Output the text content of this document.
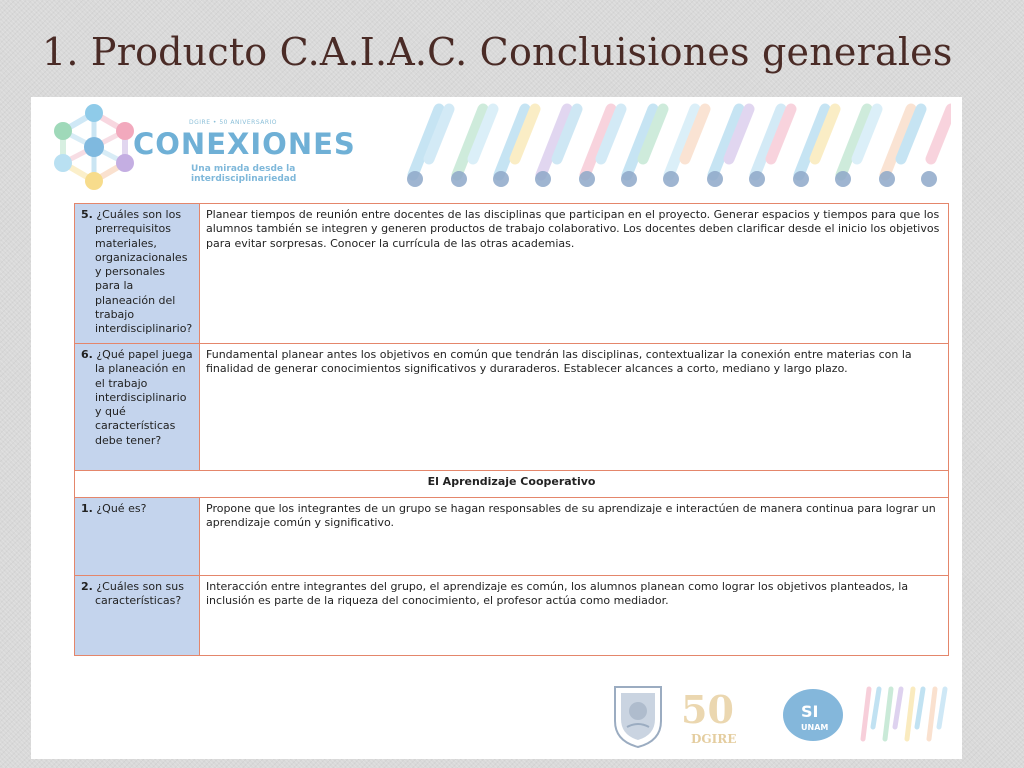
1. Producto C.A.I.A.C. Concluisiones generales
DGIRE • 50 ANIVERSARIO
CONEXIONES
Una mirada desde la interdisciplinariedad
5. ¿Cuáles son los prerrequisitos materiales, organizacionales y personales para la planeación del trabajo interdisciplinario?	Planear tiempos de reunión entre docentes de las disciplinas que participan en el proyecto. Generar espacios y tiempos para que los alumnos también se integren y generen productos de trabajo colaborativo. Los docentes deben clarificar desde el inicio los objetivos para evitar sorpresas. Conocer la currícula de las otras academias.

6. ¿Qué papel juega la planeación en el trabajo interdisciplinario y qué características debe tener?	Fundamental planear antes los objetivos en común que tendrán las disciplinas, contextualizar la conexión entre materias con la finalidad de generar conocimientos significativos y duraraderos. Establecer alcances a corto, mediano y largo plazo.
El Aprendizaje Cooperativo	

1. ¿Qué es?	Propone que los integrantes de un grupo se hagan responsables de su aprendizaje e interactúen de manera continua para lograr un aprendizaje común y significativo.

2. ¿Cuáles son sus características?	Interacción entre integrantes del grupo, el aprendizaje es común, los alumnos planean como lograr los objetivos planteados, la inclusión es parte de la riqueza del conocimiento, el profesor actúa como mediador.
50
DGIRE
SI
UNAM
